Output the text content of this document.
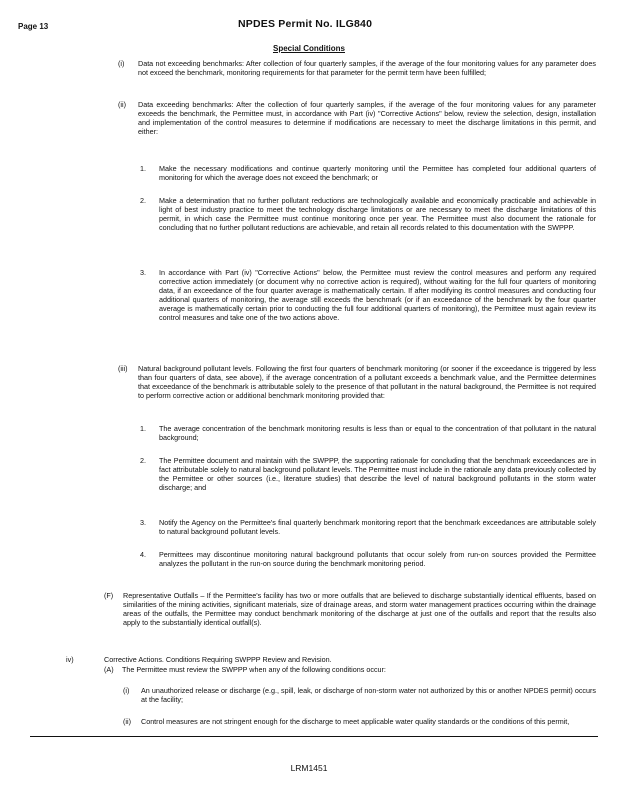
Page 13	NPDES Permit No. ILG840
Special Conditions
(i)	Data not exceeding benchmarks: After collection of four quarterly samples, if the average of the four monitoring values for any parameter does not exceed the benchmark, monitoring requirements for that parameter for the permit term have been fulfilled;
(ii)	Data exceeding benchmarks: After the collection of four quarterly samples, if the average of the four monitoring values for any parameter exceeds the benchmark, the Permittee must, in accordance with Part (iv) "Corrective Actions" below, review the selection, design, installation and implementation of the control measures to determine if modifications are necessary to meet the discharge limitations in this permit, and either:
1.	Make the necessary modifications and continue quarterly monitoring until the Permittee has completed four additional quarters of monitoring for which the average does not exceed the benchmark; or
2.	Make a determination that no further pollutant reductions are technologically available and economically practicable and achievable in light of best industry practice to meet the technology discharge limitations or are necessary to meet the discharge limitations of this permit, in which case the Permittee must continue monitoring once per year. The Permittee must also document the rationale for concluding that no further pollutant reductions are achievable, and retain all records related to this documentation with the SWPPP.
3.	In accordance with Part (iv) "Corrective Actions" below, the Permittee must review the control measures and perform any required corrective action immediately (or document why no corrective action is required), without waiting for the full four quarters of monitoring data, if an exceedance of the four quarter average is mathematically certain. If after modifying its control measures and conducting four additional quarters of monitoring, the average still exceeds the benchmark (or if an exceedance of the benchmark by the four quarter average is mathematically certain prior to conducting the full four additional quarters of monitoring), the Permittee must again review its control measures and take one of the two actions above.
(iii)	Natural background pollutant levels. Following the first four quarters of benchmark monitoring (or sooner if the exceedance is triggered by less than four quarters of data, see above), if the average concentration of a pollutant exceeds a benchmark value, and the Permittee determines that exceedance of the benchmark is attributable solely to the presence of that pollutant in the natural background, the Permittee is not required to perform corrective action or additional benchmark monitoring provided that:
1.	The average concentration of the benchmark monitoring results is less than or equal to the concentration of that pollutant in the natural background;
2.	The Permittee document and maintain with the SWPPP, the supporting rationale for concluding that the benchmark exceedances are in fact attributable solely to natural background pollutant levels. The Permittee must include in the rationale any data previously collected by the Permittee or other sources (i.e., literature studies) that describe the level of natural background pollutants in the storm water discharge; and
3.	Notify the Agency on the Permittee's final quarterly benchmark monitoring report that the benchmark exceedances are attributable solely to natural background pollutant levels.
4.	Permittees may discontinue monitoring natural background pollutants that occur solely from run-on sources provided the Permittee analyzes the pollutant in the run-on source during the benchmark monitoring period.
(F)	Representative Outfalls – If the Permittee's facility has two or more outfalls that are believed to discharge substantially identical effluents, based on similarities of the mining activities, significant materials, size of drainage areas, and storm water management practices occurring within the drainage areas of the outfalls, the Permittee may conduct benchmark monitoring of the discharge at just one of the outfalls and report that the results also apply to the substantially identical outfall(s).
iv)	Corrective Actions. Conditions Requiring SWPPP Review and Revision.
(A)	The Permittee must review the SWPPP when any of the following conditions occur:
(i)	An unauthorized release or discharge (e.g., spill, leak, or discharge of non-storm water not authorized by this or another NPDES permit) occurs at the facility;
(ii)	Control measures are not stringent enough for the discharge to meet applicable water quality standards or the conditions of this permit,
LRM1451
